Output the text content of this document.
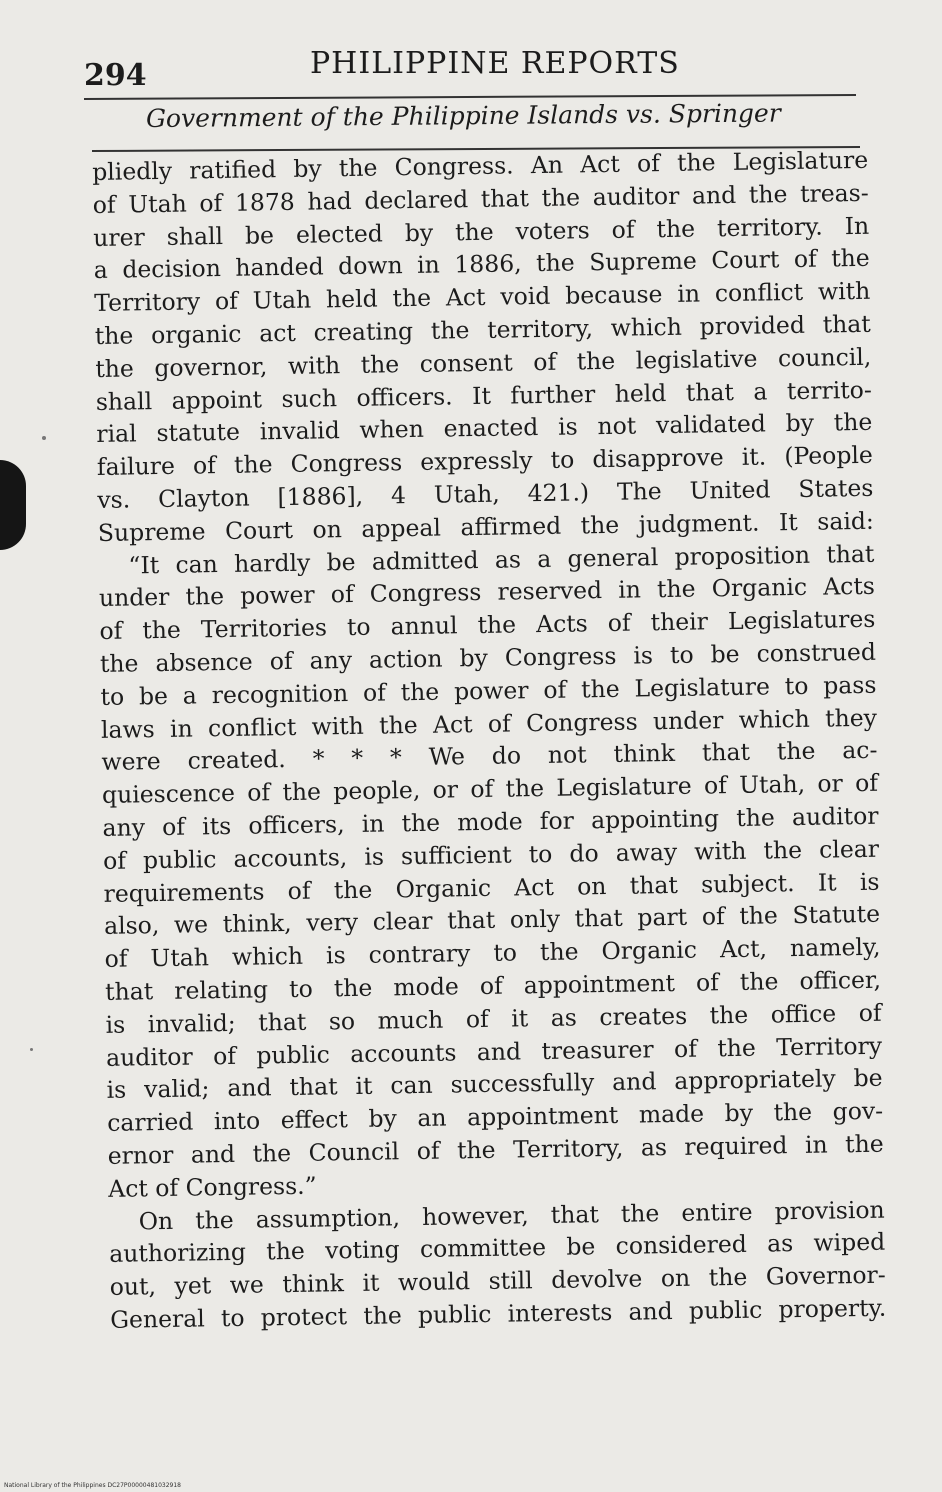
294	PHILIPPINE REPORTS
Government of the Philippine Islands vs. Springer
pliedly ratified by the Congress. An Act of the Legislature
of Utah of 1878 had declared that the auditor and the treas-
urer shall be elected by the voters of the territory. In
a decision handed down in 1886, the Supreme Court of the
Territory of Utah held the Act void because in conflict with
the organic act creating the territory, which provided that
the governor, with the consent of the legislative council,
shall appoint such officers. It further held that a territo-
rial statute invalid when enacted is not validated by the
failure of the Congress expressly to disapprove it. (People
vs. Clayton [1886], 4 Utah, 421.) The United States
Supreme Court on appeal affirmed the judgment. It said:
“It can hardly be admitted as a general proposition that
under the power of Congress reserved in the Organic Acts
of the Territories to annul the Acts of their Legislatures
the absence of any action by Congress is to be construed
to be a recognition of the power of the Legislature to pass
laws in conflict with the Act of Congress under which they
were created. * * * We do not think that the ac-
quiescence of the people, or of the Legislature of Utah, or of
any of its officers, in the mode for appointing the auditor
of public accounts, is sufficient to do away with the clear
requirements of the Organic Act on that subject. It is
also, we think, very clear that only that part of the Statute
of Utah which is contrary to the Organic Act, namely,
that relating to the mode of appointment of the officer,
is invalid; that so much of it as creates the office of
auditor of public accounts and treasurer of the Territory
is valid; and that it can successfully and appropriately be
carried into effect by an appointment made by the gov-
ernor and the Council of the Territory, as required in the
Act of Congress.”
On the assumption, however, that the entire provision
authorizing the voting committee be considered as wiped
out, yet we think it would still devolve on the Governor-
General to protect the public interests and public property.
National Library of the Philippines DC27P00000481032918
